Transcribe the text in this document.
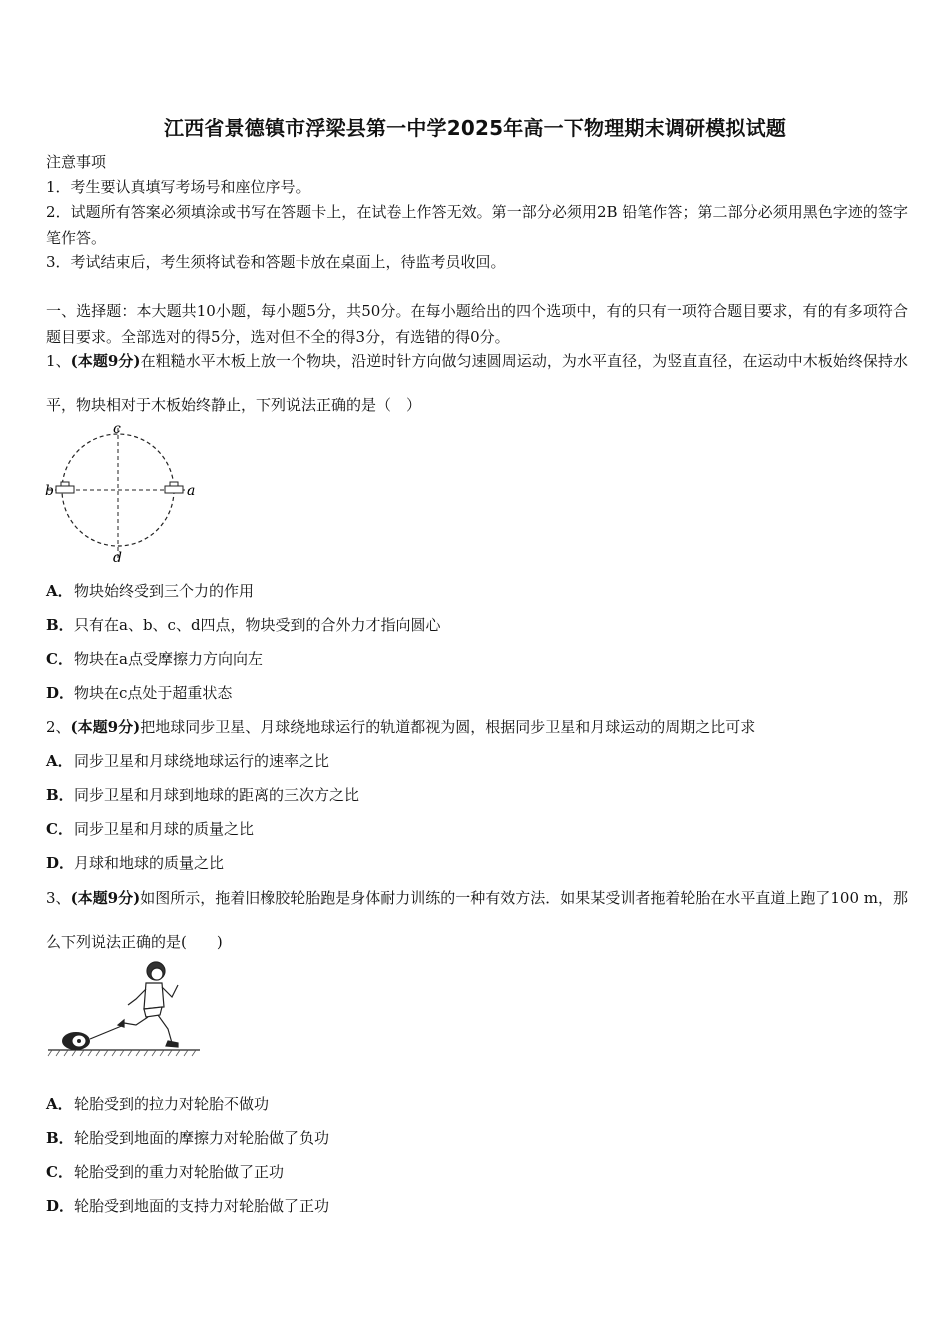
江西省景德镇市浮梁县第一中学2025年高一下物理期末调研模拟试题
注意事项
1．考生要认真填写考场号和座位序号。
2．试题所有答案必须填涂或书写在答题卡上，在试卷上作答无效。第一部分必须用2B 铅笔作答；第二部分必须用黑色字迹的签字笔作答。
3．考试结束后，考生须将试卷和答题卡放在桌面上，待监考员收回。
一、选择题：本大题共10小题，每小题5分，共50分。在每小题给出的四个选项中，有的只有一项符合题目要求，有的有多项符合题目要求。全部选对的得5分，选对但不全的得3分，有选错的得0分。
1、(本题9分)在粗糙水平木板上放一个物块，沿逆时针方向做匀速圆周运动，为水平直径，为竖直直径，在运动中木板始终保持水平，物块相对于木板始终静止，下列说法正确的是（　）
c
d
b	a
A．物块始终受到三个力的作用
B．只有在a、b、c、d四点，物块受到的合外力才指向圆心
C．物块在a点受摩擦力方向向左
D．物块在c点处于超重状态
2、(本题9分)把地球同步卫星、月球绕地球运行的轨道都视为圆，根据同步卫星和月球运动的周期之比可求
A．同步卫星和月球绕地球运行的速率之比
B．同步卫星和月球到地球的距离的三次方之比
C．同步卫星和月球的质量之比
D．月球和地球的质量之比
3、(本题9分)如图所示，拖着旧橡胶轮胎跑是身体耐力训练的一种有效方法．如果某受训者拖着轮胎在水平直道上跑了100 m，那么下列说法正确的是(　　)
A．轮胎受到的拉力对轮胎不做功
B．轮胎受到地面的摩擦力对轮胎做了负功
C．轮胎受到的重力对轮胎做了正功
D．轮胎受到地面的支持力对轮胎做了正功
